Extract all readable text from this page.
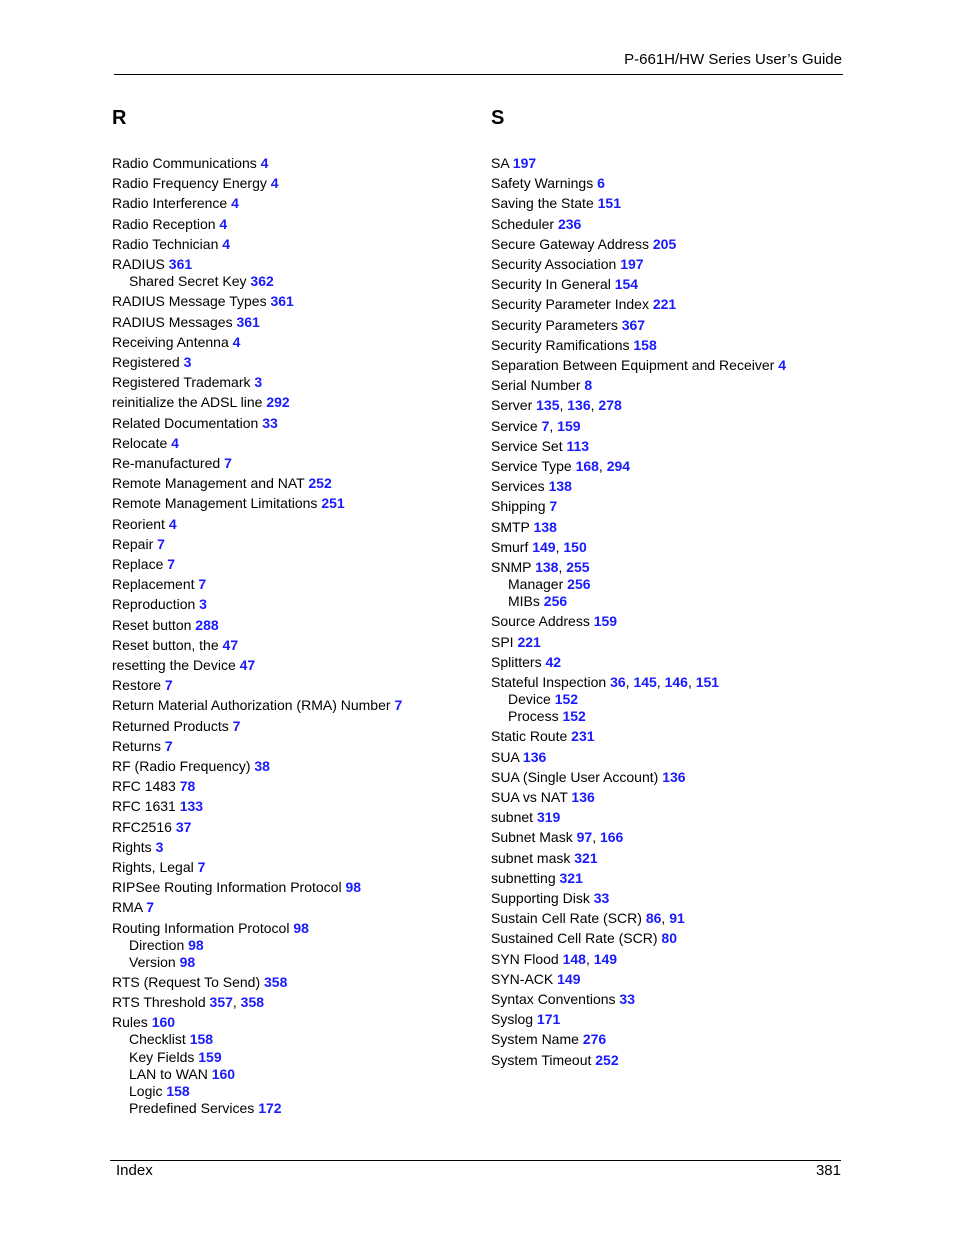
P-661H/HW Series User’s Guide
R	S
Radio Communications 4
Radio Frequency Energy 4
Radio Interference 4
Radio Reception 4
Radio Technician 4
RADIUS 361
Shared Secret Key 362
RADIUS Message Types 361
RADIUS Messages 361
Receiving Antenna 4
Registered 3
Registered Trademark 3
reinitialize the ADSL line 292
Related Documentation 33
Relocate 4
Re-manufactured 7
Remote Management and NAT 252
Remote Management Limitations 251
Reorient 4
Repair 7
Replace 7
Replacement 7
Reproduction 3
Reset button 288
Reset button, the 47
resetting the Device 47
Restore 7
Return Material Authorization (RMA) Number 7
Returned Products 7
Returns 7
RF (Radio Frequency) 38
RFC 1483 78
RFC 1631 133
RFC2516 37
Rights 3
Rights, Legal 7
RIPSee Routing Information Protocol 98
RMA 7
Routing Information Protocol 98
Direction 98
Version 98
RTS (Request To Send) 358
RTS Threshold 357, 358
Rules 160
Checklist 158
Key Fields 159
LAN to WAN 160
Logic 158
Predefined Services 172
SA 197
Safety Warnings 6
Saving the State 151
Scheduler 236
Secure Gateway Address 205
Security Association 197
Security In General 154
Security Parameter Index 221
Security Parameters 367
Security Ramifications 158
Separation Between Equipment and Receiver 4
Serial Number 8
Server 135, 136, 278
Service 7, 159
Service Set 113
Service Type 168, 294
Services 138
Shipping 7
SMTP 138
Smurf 149, 150
SNMP 138, 255
Manager 256
MIBs 256
Source Address 159
SPI 221
Splitters 42
Stateful Inspection 36, 145, 146, 151
Device 152
Process 152
Static Route 231
SUA 136
SUA (Single User Account) 136
SUA vs NAT 136
subnet 319
Subnet Mask 97, 166
subnet mask 321
subnetting 321
Supporting Disk 33
Sustain Cell Rate (SCR) 86, 91
Sustained Cell Rate (SCR) 80
SYN Flood 148, 149
SYN-ACK 149
Syntax Conventions 33
Syslog 171
System Name 276
System Timeout 252
Index	381
